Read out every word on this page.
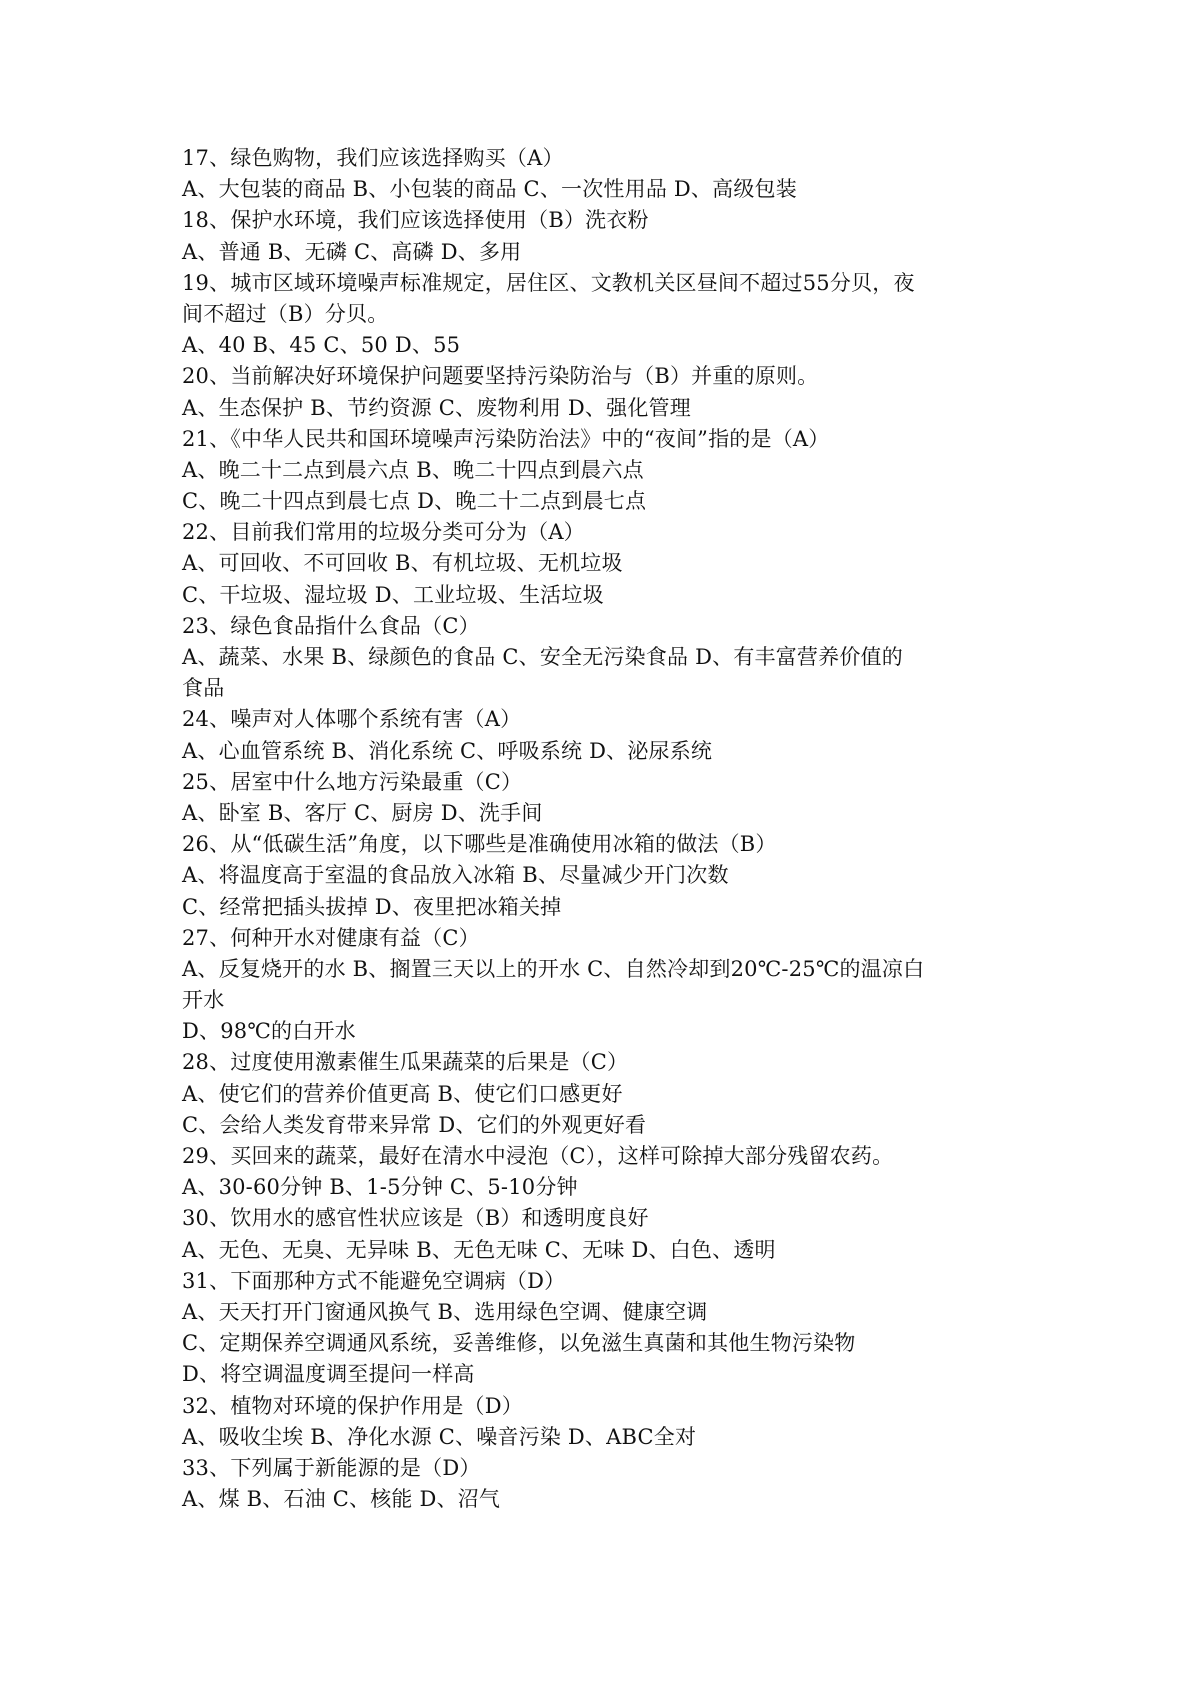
17、绿色购物，我们应该选择购买（A）
A、大包装的商品 B、小包装的商品 C、一次性用品 D、高级包装
18、保护水环境，我们应该选择使用（B）洗衣粉
A、普通 B、无磷 C、高磷 D、多用
19、城市区域环境噪声标准规定，居住区、文教机关区昼间不超过55分贝，夜
间不超过（B）分贝。
A、40 B、45 C、50 D、55
20、当前解决好环境保护问题要坚持污染防治与（B）并重的原则。
A、生态保护 B、节约资源 C、废物利用 D、强化管理
21、《中华人民共和国环境噪声污染防治法》中的“夜间”指的是（A）
A、晚二十二点到晨六点 B、晚二十四点到晨六点
C、晚二十四点到晨七点 D、晚二十二点到晨七点
22、目前我们常用的垃圾分类可分为（A）
A、可回收、不可回收 B、有机垃圾、无机垃圾
C、干垃圾、湿垃圾 D、工业垃圾、生活垃圾
23、绿色食品指什么食品（C）
A、蔬菜、水果 B、绿颜色的食品 C、安全无污染食品 D、有丰富营养价值的
食品
24、噪声对人体哪个系统有害（A）
A、心血管系统 B、消化系统 C、呼吸系统 D、泌尿系统
25、居室中什么地方污染最重（C）
A、卧室 B、客厅 C、厨房 D、洗手间
26、从“低碳生活”角度，以下哪些是准确使用冰箱的做法（B）
A、将温度高于室温的食品放入冰箱 B、尽量减少开门次数
C、经常把插头拔掉 D、夜里把冰箱关掉
27、何种开水对健康有益（C）
A、反复烧开的水 B、搁置三天以上的开水 C、自然冷却到20℃-25℃的温凉白
开水
D、98℃的白开水
28、过度使用激素催生瓜果蔬菜的后果是（C）
A、使它们的营养价值更高 B、使它们口感更好
C、会给人类发育带来异常 D、它们的外观更好看
29、买回来的蔬菜，最好在清水中浸泡（C），这样可除掉大部分残留农药。
A、30-60分钟 B、1-5分钟 C、5-10分钟
30、饮用水的感官性状应该是（B）和透明度良好
A、无色、无臭、无异味 B、无色无味 C、无味 D、白色、透明
31、下面那种方式不能避免空调病（D）
A、天天打开门窗通风换气 B、选用绿色空调、健康空调
C、定期保养空调通风系统，妥善维修，以免滋生真菌和其他生物污染物
D、将空调温度调至提问一样高
32、植物对环境的保护作用是（D）
A、吸收尘埃 B、净化水源 C、噪音污染 D、ABC全对
33、下列属于新能源的是（D）
A、煤 B、石油 C、核能 D、沼气
